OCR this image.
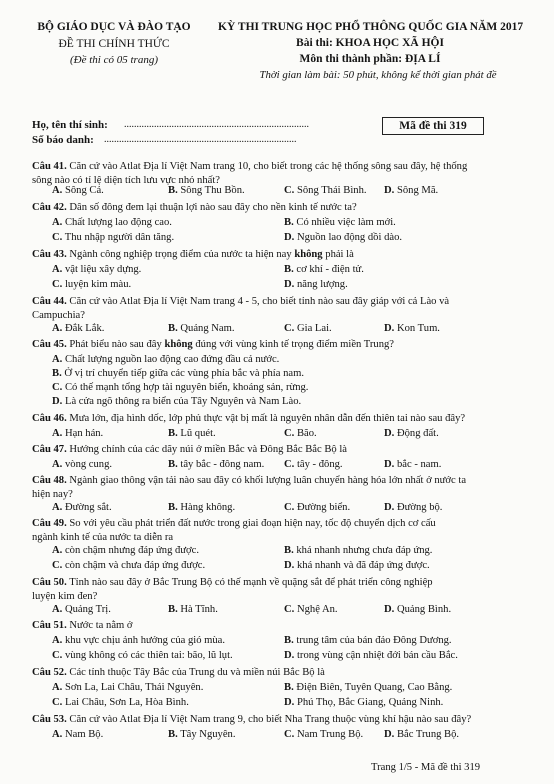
BỘ GIÁO DỤC VÀ ĐÀO TẠO
ĐỀ THI CHÍNH THỨC
(Đề thi có 05 trang)
KỲ THI TRUNG HỌC PHỔ THÔNG QUỐC GIA NĂM 2017
Bài thi: KHOA HỌC XÃ HỘI
Môn thi thành phần: ĐỊA LÍ
Thời gian làm bài: 50 phút, không kể thời gian phát đề
Họ, tên thí sinh: ..........................................................................
Số báo danh: .............................................................................
Mã đề thi 319
Câu 41. Căn cứ vào Atlat Địa lí Việt Nam trang 10, cho biết trong các hệ thống sông sau đây, hệ thống
sông nào có tỉ lệ diện tích lưu vực nhỏ nhất?
A. Sông Cả.	B. Sông Thu Bồn.	C. Sông Thái Bình. D. Sông Mã.
Câu 42. Dân số đông đem lại thuận lợi nào sau đây cho nền kinh tế nước ta?
A. Chất lượng lao động cao.	B. Có nhiều việc làm mới.
C. Thu nhập người dân tăng.	D. Nguồn lao động dồi dào.
Câu 43. Ngành công nghiệp trọng điểm của nước ta hiện nay không phải là
A. vật liệu xây dựng.	B. cơ khí - điện tử.
C. luyện kim màu.	D. năng lượng.
Câu 44. Căn cứ vào Atlat Địa lí Việt Nam trang 4 - 5, cho biết tỉnh nào sau đây giáp với cả Lào và
Campuchia?
A. Đắk Lắk.	B. Quảng Nam.	C. Gia Lai.	D. Kon Tum.
Câu 45. Phát biểu nào sau đây không đúng với vùng kinh tế trọng điểm miền Trung?
A. Chất lượng nguồn lao động cao đứng đầu cả nước.
B. Ở vị trí chuyển tiếp giữa các vùng phía bắc và phía nam.
C. Có thế mạnh tổng hợp tài nguyên biển, khoáng sản, rừng.
D. Là cửa ngõ thông ra biển của Tây Nguyên và Nam Lào.
Câu 46. Mưa lớn, địa hình dốc, lớp phủ thực vật bị mất là nguyên nhân dẫn đến thiên tai nào sau đây?
A. Hạn hán.	B. Lũ quét.	C. Bão.	D. Động đất.
Câu 47. Hướng chính của các dãy núi ở miền Bắc và Đông Bắc Bắc Bộ là
A. vòng cung.	B. tây bắc - đông nam. C. tây - đông.	D. bắc - nam.
Câu 48. Ngành giao thông vận tải nào sau đây có khối lượng luân chuyển hàng hóa lớn nhất ở nước ta
hiện nay?
A. Đường sắt.	B. Hàng không.	C. Đường biển.	D. Đường bộ.
Câu 49. So với yêu cầu phát triển đất nước trong giai đoạn hiện nay, tốc độ chuyển dịch cơ cấu
ngành kinh tế của nước ta diễn ra
A. còn chậm nhưng đáp ứng được.	B. khá nhanh nhưng chưa đáp ứng.
C. còn chậm và chưa đáp ứng được.	D. khá nhanh và đã đáp ứng được.
Câu 50. Tỉnh nào sau đây ở Bắc Trung Bộ có thế mạnh về quặng sắt để phát triển công nghiệp
luyện kim đen?
A. Quảng Trị.	B. Hà Tĩnh.	C. Nghệ An.	D. Quảng Bình.
Câu 51. Nước ta nằm ở
A. khu vực chịu ảnh hưởng của gió mùa.	B. trung tâm của bán đảo Đông Dương.
C. vùng không có các thiên tai: bão, lũ lụt.	D. trong vùng cận nhiệt đới bán cầu Bắc.
Câu 52. Các tỉnh thuộc Tây Bắc của Trung du và miền núi Bắc Bộ là
A. Sơn La, Lai Châu, Thái Nguyên.	B. Điện Biên, Tuyên Quang, Cao Bằng.
C. Lai Châu, Sơn La, Hòa Bình.	D. Phú Thọ, Bắc Giang, Quảng Ninh.
Câu 53. Căn cứ vào Atlat Địa lí Việt Nam trang 9, cho biết Nha Trang thuộc vùng khí hậu nào sau đây?
A. Nam Bộ.	B. Tây Nguyên.	C. Nam Trung Bộ. D. Bắc Trung Bộ.
Trang 1/5 - Mã đề thi 319
